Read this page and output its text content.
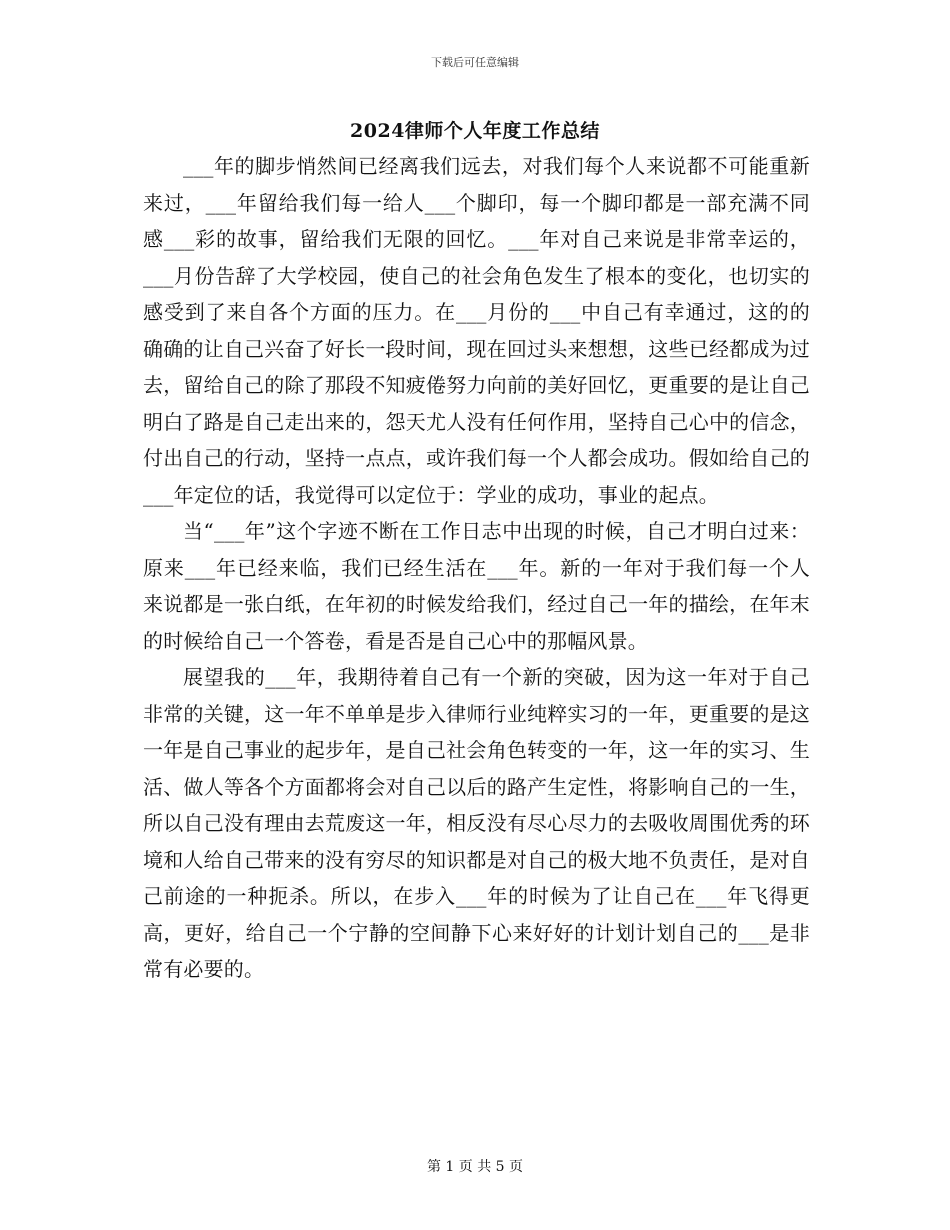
下载后可任意编辑
2024律师个人年度工作总结

___年的脚步悄然间已经离我们远去，对我们每个人来说都不可能重新来过，___年留给我们每一给人___个脚印，每一个脚印都是一部充满不同感___彩的故事，留给我们无限的回忆。___年对自己来说是非常幸运的，___月份告辞了大学校园，使自己的社会角色发生了根本的变化，也切实的感受到了来自各个方面的压力。在___月份的___中自己有幸通过，这的的确确的让自己兴奋了好长一段时间，现在回过头来想想，这些已经都成为过去，留给自己的除了那段不知疲倦努力向前的美好回忆，更重要的是让自己明白了路是自己走出来的，怨天尤人没有任何作用，坚持自己心中的信念，付出自己的行动，坚持一点点，或许我们每一个人都会成功。假如给自己的___年定位的话，我觉得可以定位于：学业的成功，事业的起点。

当“___年”这个字迹不断在工作日志中出现的时候，自己才明白过来：原来___年已经来临，我们已经生活在___年。新的一年对于我们每一个人来说都是一张白纸，在年初的时候发给我们，经过自己一年的描绘，在年末的时候给自己一个答卷，看是否是自己心中的那幅风景。

展望我的___年，我期待着自己有一个新的突破，因为这一年对于自己非常的关键，这一年不单单是步入律师行业纯粹实习的一年，更重要的是这一年是自己事业的起步年，是自己社会角色转变的一年，这一年的实习、生活、做人等各个方面都将会对自己以后的路产生定性，将影响自己的一生，所以自己没有理由去荒废这一年，相反没有尽心尽力的去吸收周围优秀的环境和人给自己带来的没有穷尽的知识都是对自己的极大地不负责任，是对自己前途的一种扼杀。所以，在步入___年的时候为了让自己在___年飞得更高，更好，给自己一个宁静的空间静下心来好好的计划计划自己的___是非常有必要的。

第 1 页 共 5 页
